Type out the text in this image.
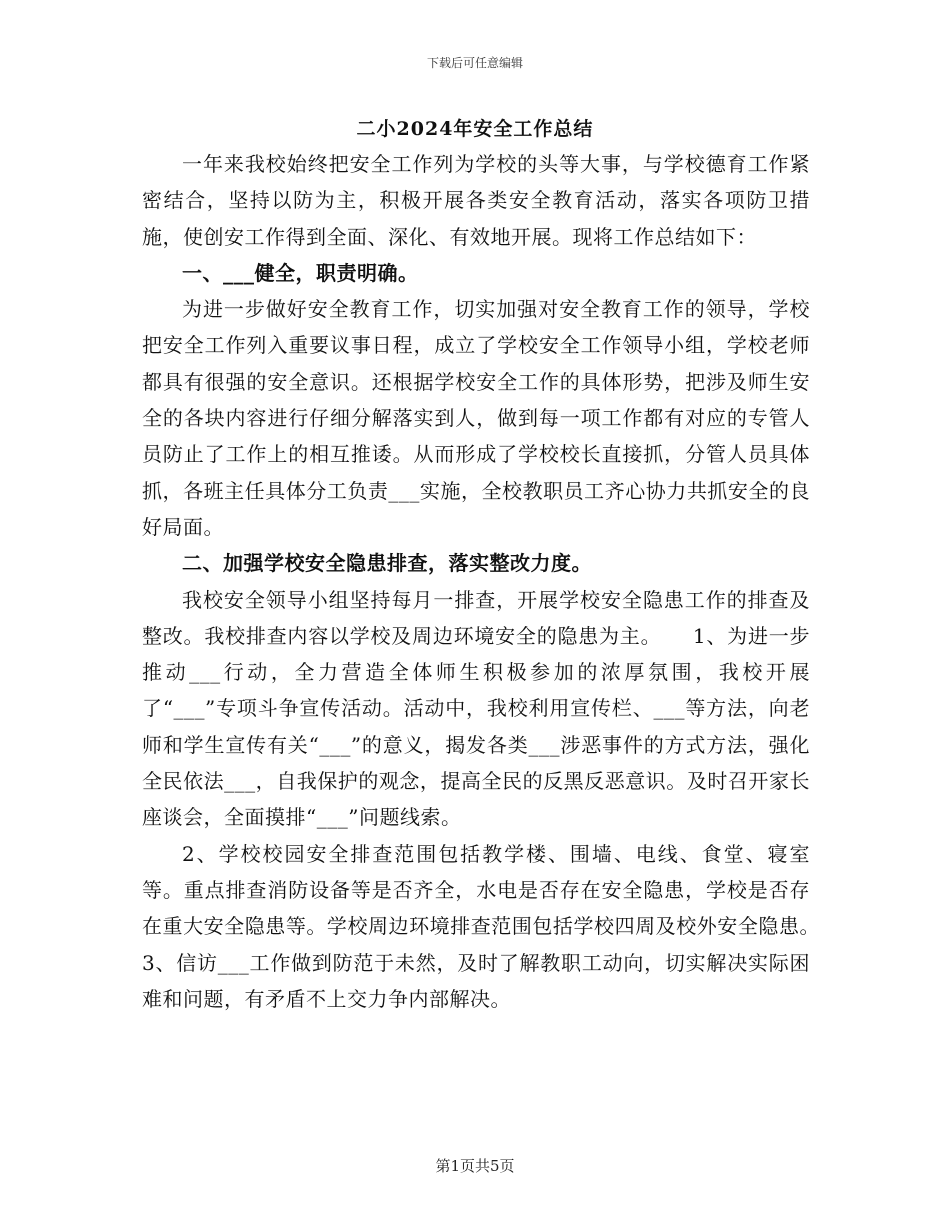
下载后可任意编辑
二小2024年安全工作总结

一年来我校始终把安全工作列为学校的头等大事，与学校德育工作紧密结合，坚持以防为主，积极开展各类安全教育活动，落实各项防卫措施，使创安工作得到全面、深化、有效地开展。现将工作总结如下：

一、___健全，职责明确。

为进一步做好安全教育工作，切实加强对安全教育工作的领导，学校把安全工作列入重要议事日程，成立了学校安全工作领导小组，学校老师都具有很强的安全意识。还根据学校安全工作的具体形势，把涉及师生安全的各块内容进行仔细分解落实到人，做到每一项工作都有对应的专管人员防止了工作上的相互推诿。从而形成了学校校长直接抓，分管人员具体抓，各班主任具体分工负责___实施，全校教职员工齐心协力共抓安全的良好局面。

二、加强学校安全隐患排查，落实整改力度。

我校安全领导小组坚持每月一排查，开展学校安全隐患工作的排查及整改。我校排查内容以学校及周边环境安全的隐患为主。　　1、为进一步推动___行动，全力营造全体师生积极参加的浓厚氛围，我校开展了“___”专项斗争宣传活动。活动中，我校利用宣传栏、___等方法，向老师和学生宣传有关“___”的意义，揭发各类___涉恶事件的方式方法，强化全民依法___，自我保护的观念，提高全民的反黑反恶意识。及时召开家长座谈会，全面摸排“___”问题线索。

2、学校校园安全排查范围包括教学楼、围墙、电线、食堂、寝室等。重点排查消防设备等是否齐全，水电是否存在安全隐患，学校是否存在重大安全隐患等。学校周边环境排查范围包括学校四周及校外安全隐患。　　3、信访___工作做到防范于未然，及时了解教职工动向，切实解决实际困难和问题，有矛盾不上交力争内部解决。

第1页共5页
